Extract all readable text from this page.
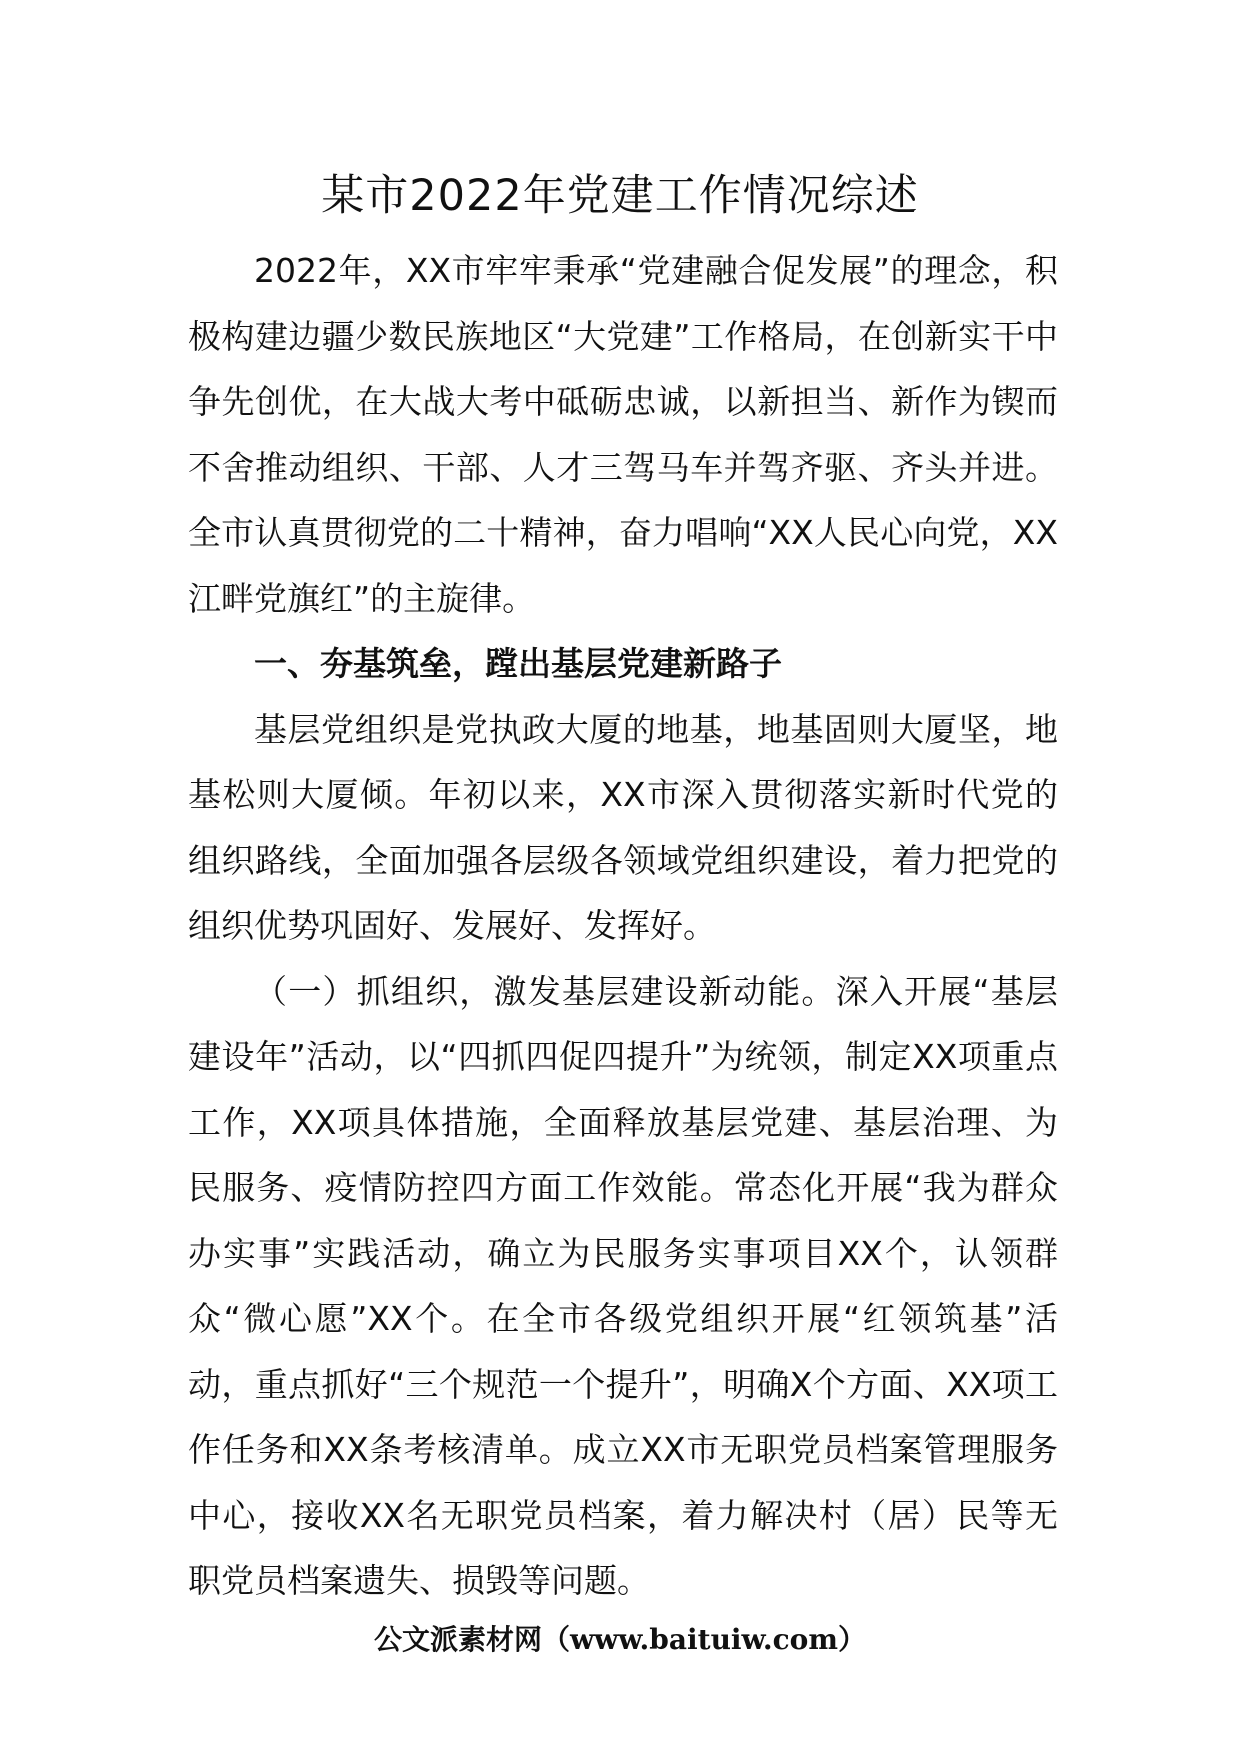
某市2022年党建工作情况综述

2022年，XX市牢牢秉承“党建融合促发展”的理念，积极构建边疆少数民族地区“大党建”工作格局，在创新实干中争先创优，在大战大考中砥砺忠诚，以新担当、新作为锲而不舍推动组织、干部、人才三驾马车并驾齐驱、齐头并进。全市认真贯彻党的二十精神，奋力唱响“XX人民心向党，XX江畔党旗红”的主旋律。

一、夯基筑垒，蹚出基层党建新路子

基层党组织是党执政大厦的地基，地基固则大厦坚，地基松则大厦倾。年初以来，XX市深入贯彻落实新时代党的组织路线，全面加强各层级各领域党组织建设，着力把党的组织优势巩固好、发展好、发挥好。

（一）抓组织，激发基层建设新动能。深入开展“基层建设年”活动，以“四抓四促四提升”为统领，制定XX项重点工作，XX项具体措施，全面释放基层党建、基层治理、为民服务、疫情防控四方面工作效能。常态化开展“我为群众办实事”实践活动，确立为民服务实事项目XX个，认领群众“微心愿”XX个。在全市各级党组织开展“红领筑基”活动，重点抓好“三个规范一个提升”，明确X个方面、XX项工作任务和XX条考核清单。成立XX市无职党员档案管理服务中心，接收XX名无职党员档案，着力解决村（居）民等无职党员档案遗失、损毁等问题。

公文派素材网（www.baituiw.com）
